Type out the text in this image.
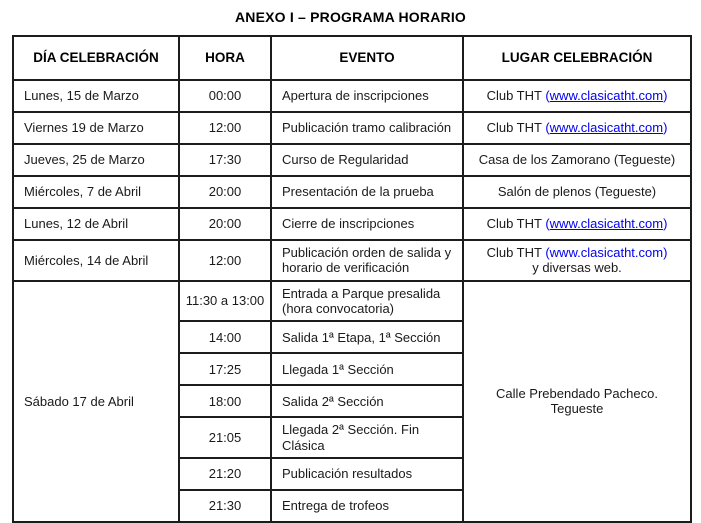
ANEXO I – PROGRAMA HORARIO
DÍA CELEBRACIÓN	HORA	EVENTO	LUGAR CELEBRACIÓN
Lunes, 15 de Marzo	00:00	Apertura de inscripciones	Club THT (www.clasicatht.com)
Viernes 19 de Marzo	12:00	Publicación tramo calibración	Club THT (www.clasicatht.com)
Jueves, 25 de Marzo	17:30	Curso de Regularidad	Casa de los Zamorano (Tegueste)
Miércoles, 7 de Abril	20:00	Presentación de la prueba	Salón de plenos (Tegueste)
Lunes, 12 de Abril	20:00	Cierre de inscripciones	Club THT (www.clasicatht.com)
Miércoles, 14 de Abril	12:00	Publicación orden de salida y horario de verificación	Club THT (www.clasicatht.com)
y diversas web.

Sábado 17 de Abril	11:30 a 13:00	Entrada a Parque presalida (hora convocatoria)	Calle Prebendado Pacheco. Tegueste
	14:00	Salida 1ª Etapa, 1ª Sección	
	17:25	Llegada 1ª Sección	
	18:00	Salida 2ª Sección	
	21:05	Llegada 2ª Sección. Fin Clásica	
	21:20	Publicación resultados	
	21:30	Entrega de trofeos	
